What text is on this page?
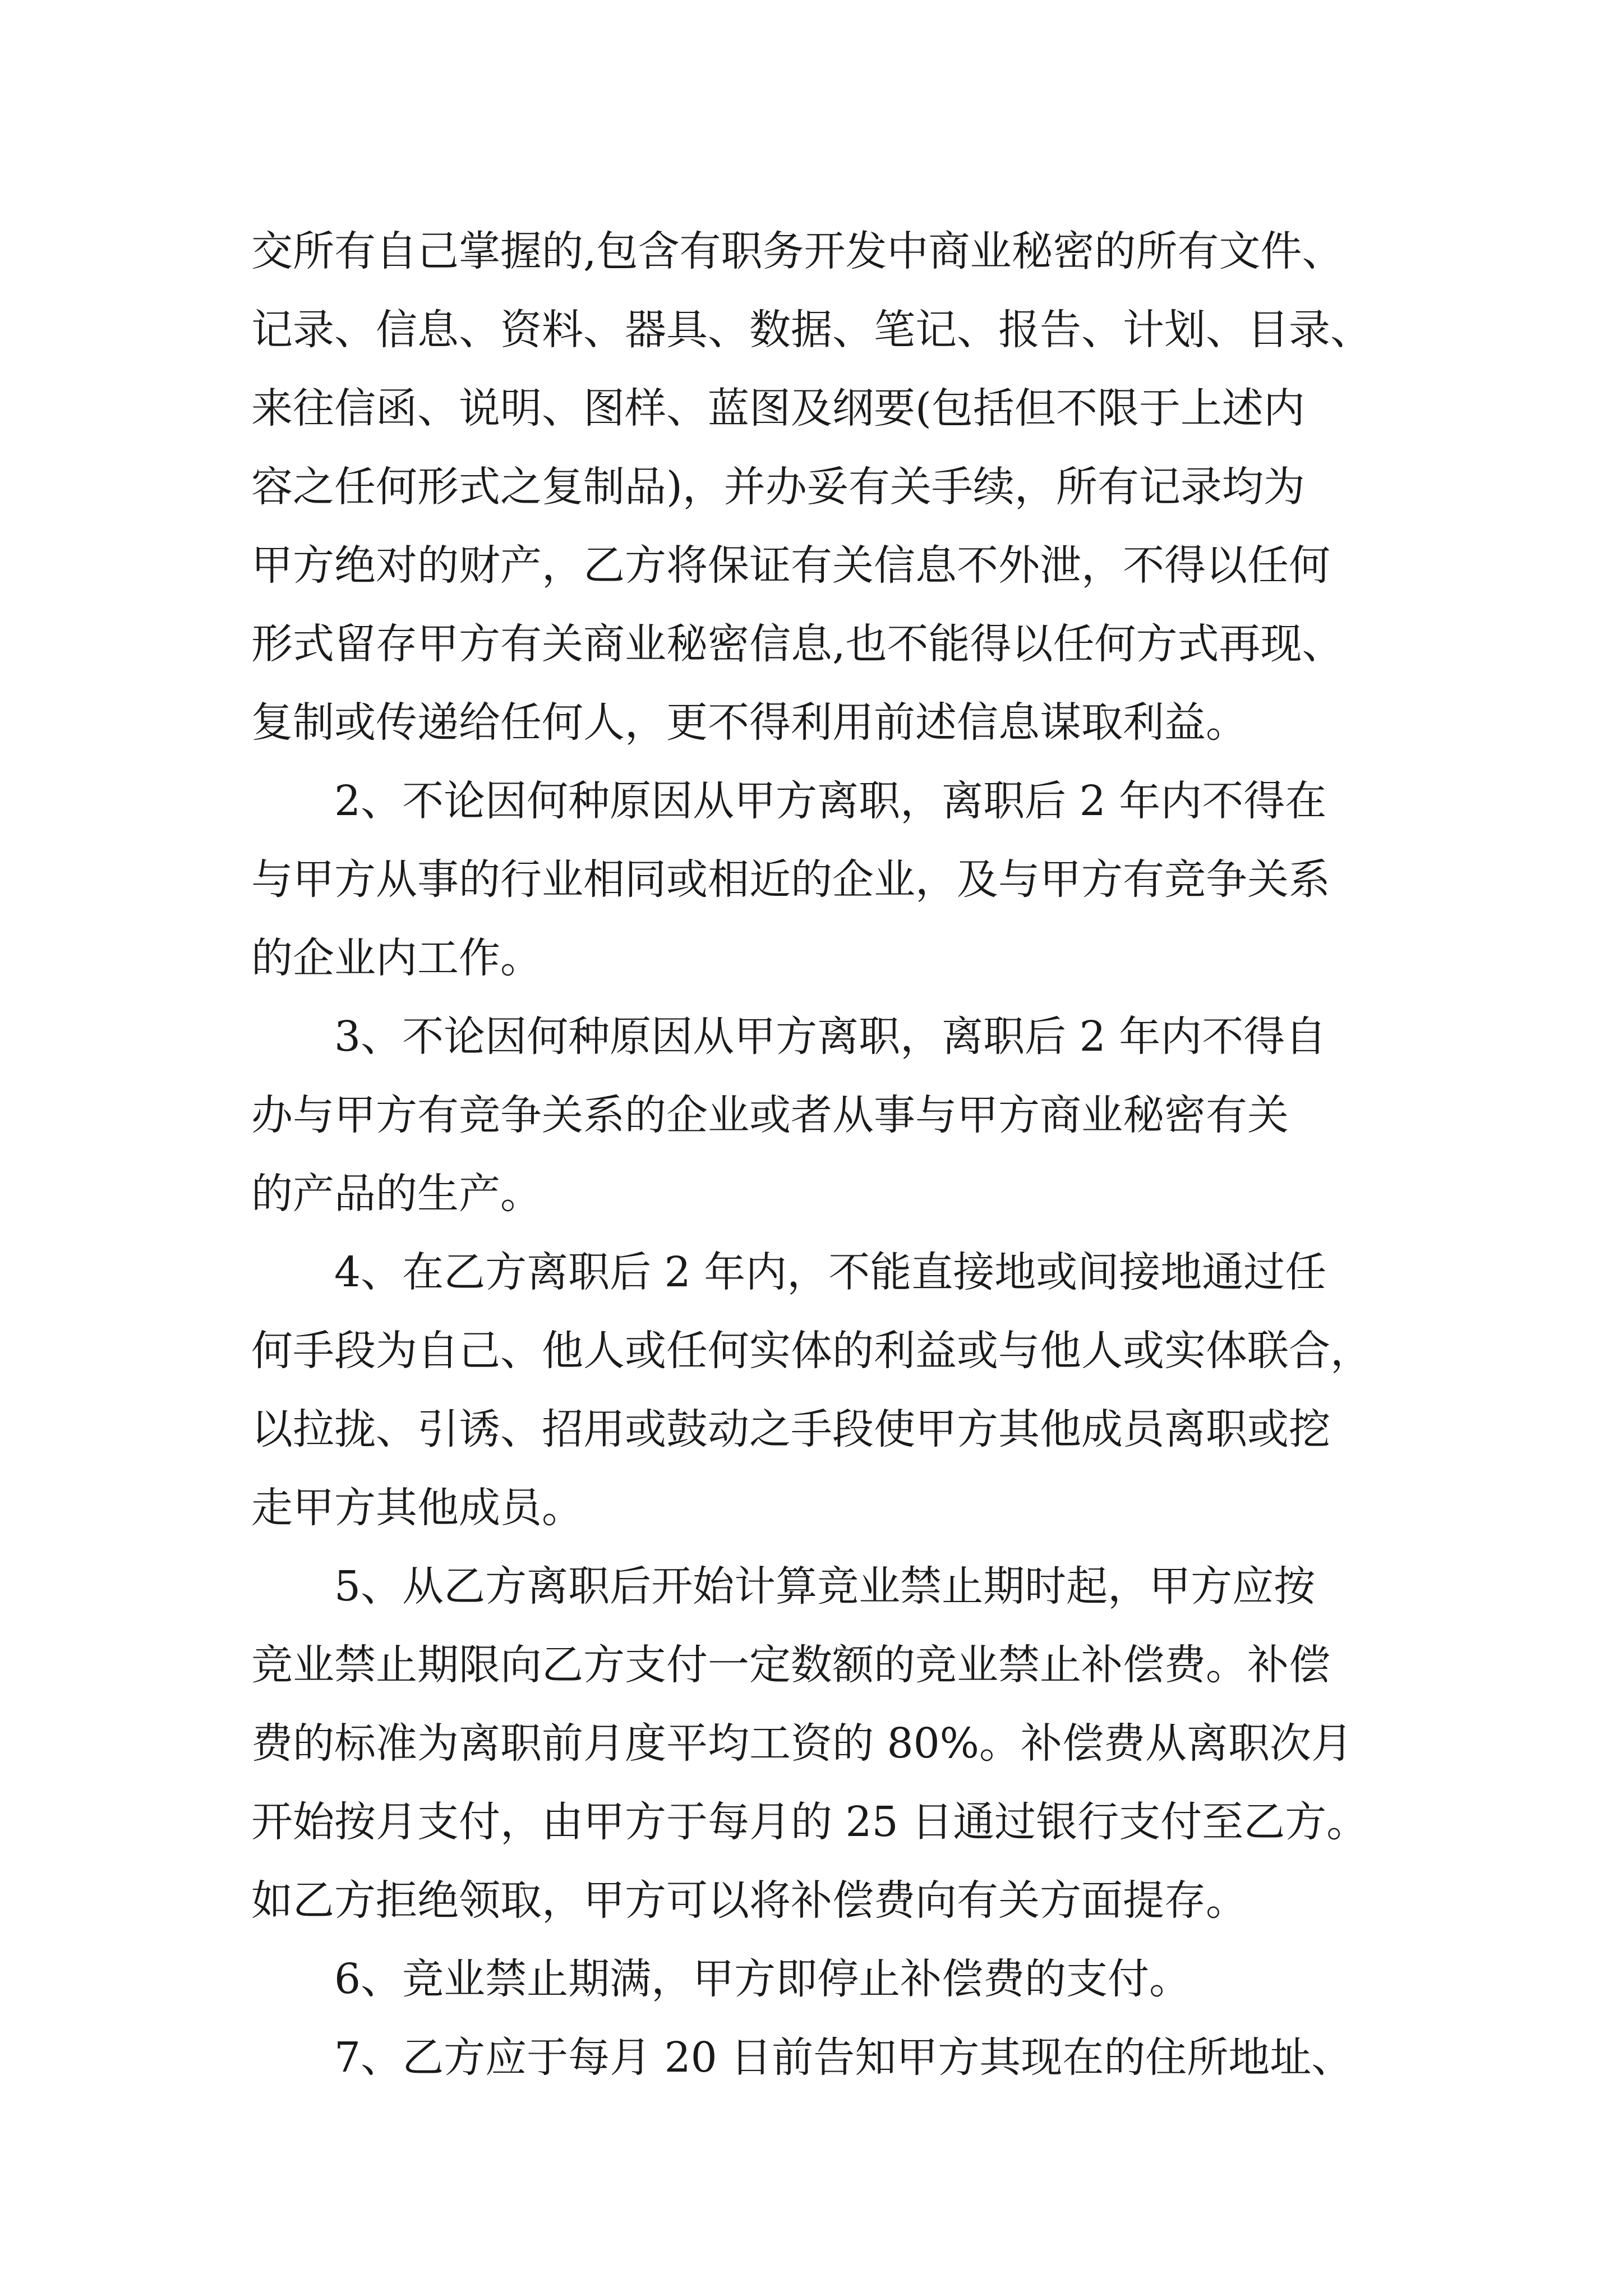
交所有自己掌握的,包含有职务开发中商业秘密的所有文件、
记录、信息、资料、器具、数据、笔记、报告、计划、目录、
来往信函、说明、图样、蓝图及纲要(包括但不限于上述内
容之任何形式之复制品)，并办妥有关手续，所有记录均为
甲方绝对的财产，乙方将保证有关信息不外泄，不得以任何
形式留存甲方有关商业秘密信息,也不能得以任何方式再现、
复制或传递给任何人，更不得利用前述信息谋取利益。
2、不论因何种原因从甲方离职，离职后 2 年内不得在
与甲方从事的行业相同或相近的企业，及与甲方有竞争关系
的企业内工作。
3、不论因何种原因从甲方离职，离职后 2 年内不得自
办与甲方有竞争关系的企业或者从事与甲方商业秘密有关
的产品的生产。
4、在乙方离职后 2 年内，不能直接地或间接地通过任
何手段为自己、他人或任何实体的利益或与他人或实体联合，
以拉拢、引诱、招用或鼓动之手段使甲方其他成员离职或挖
走甲方其他成员。
5、从乙方离职后开始计算竞业禁止期时起，甲方应按
竞业禁止期限向乙方支付一定数额的竞业禁止补偿费。补偿
费的标准为离职前月度平均工资的 80%。补偿费从离职次月
开始按月支付，由甲方于每月的 25 日通过银行支付至乙方。
如乙方拒绝领取，甲方可以将补偿费向有关方面提存。
6、竞业禁止期满，甲方即停止补偿费的支付。
7、乙方应于每月 20 日前告知甲方其现在的住所地址、
